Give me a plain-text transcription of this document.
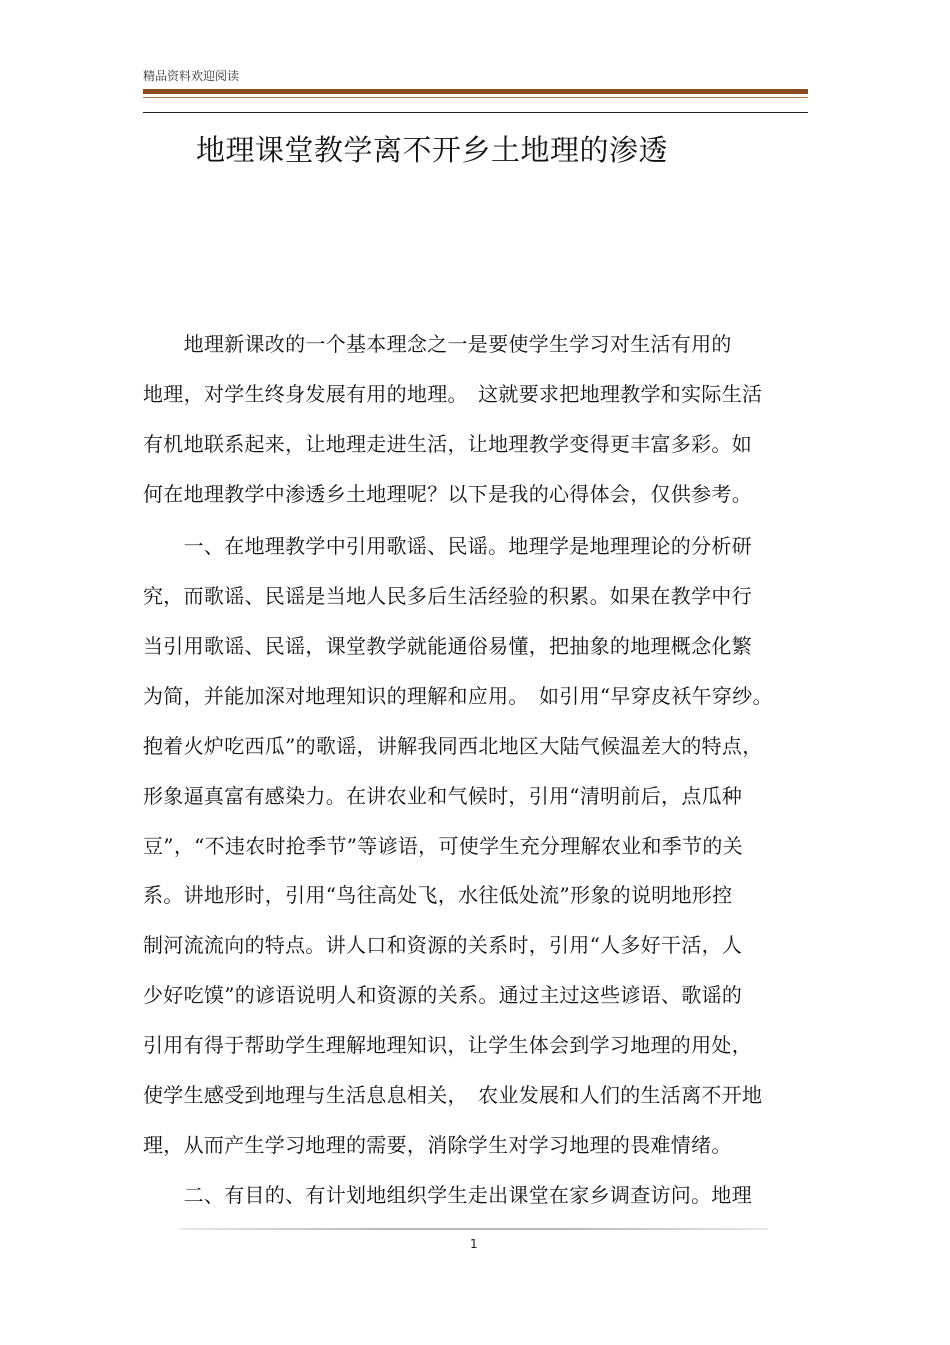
精品资料欢迎阅读
地理课堂教学离不开乡土地理的渗透
　　地理新课改的一个基本理念之一是要使学生学习对生活有用的
地理，对学生终身发展有用的地理。　这就要求把地理教学和实际生活
有机地联系起来，让地理走进生活，让地理教学变得更丰富多彩。如
何在地理教学中渗透乡土地理呢？以下是我的心得体会，仅供参考。
　　一、在地理教学中引用歌谣、民谣。地理学是地理理论的分析研
究，而歌谣、民谣是当地人民多后生活经验的积累。如果在教学中行
当引用歌谣、民谣，课堂教学就能通俗易懂，把抽象的地理概念化繁
为简，并能加深对地理知识的理解和应用。　如引用“早穿皮袄午穿纱。
抱着火炉吃西瓜”的歌谣，讲解我同西北地区大陆气候温差大的特点，
形象逼真富有感染力。在讲农业和气候时，引用“清明前后，点瓜种
豆”，“不违农时抢季节”等谚语，可使学生充分理解农业和季节的关
系。讲地形时，引用“鸟往高处飞，水往低处流”形象的说明地形控
制河流流向的特点。讲人口和资源的关系时，引用“人多好干活，人
少好吃馍”的谚语说明人和资源的关系。通过主过这些谚语、歌谣的
引用有得于帮助学生理解地理知识，让学生体会到学习地理的用处，
使学生感受到地理与生活息息相关，　农业发展和人们的生活离不开地
理，从而产生学习地理的需要，消除学生对学习地理的畏难情绪。
　　二、有目的、有计划地组织学生走出课堂在家乡调查访问。地理
1
